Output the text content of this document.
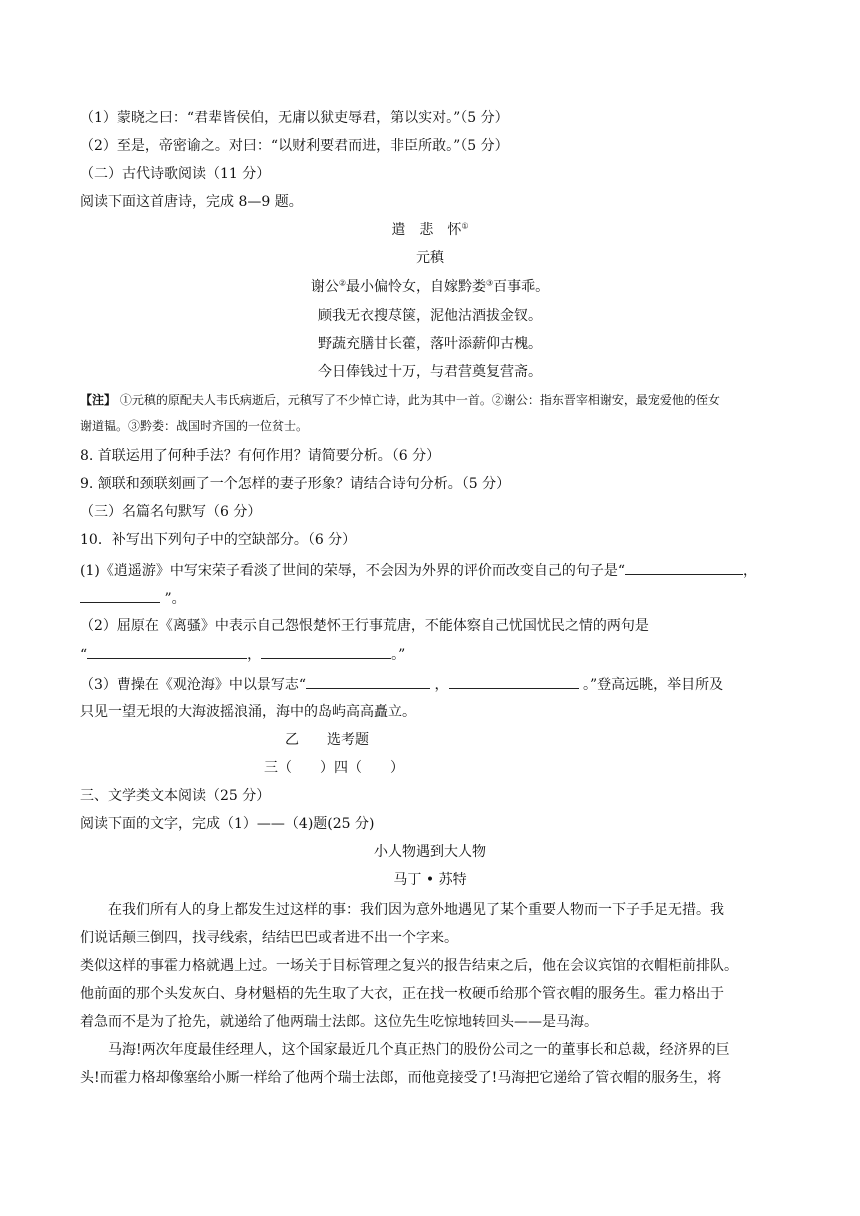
（1）蒙晓之曰：“君辈皆侯伯，无庸以狱吏辱君，第以实对。”（5 分）
（2）至是，帝密谕之。对曰：“以财利要君而进，非臣所敢。”（5 分）
（二）古代诗歌阅读（11 分）
阅读下面这首唐诗，完成 8—9 题。
遣　悲　怀①
元稹
谢公②最小偏怜女，自嫁黔娄③百事乖。
顾我无衣搜荩箧，泥他沽酒拔金钗。
野蔬充膳甘长藿，落叶添薪仰古槐。
今日俸钱过十万，与君营奠复营斋。
【注】 ①元稹的原配夫人韦氏病逝后，元稹写了不少悼亡诗，此为其中一首。②谢公：指东晋宰相谢安，最宠爱他的侄女
谢道韫。③黔娄：战国时齐国的一位贫士。
8. 首联运用了何种手法？有何作用？请简要分析。（6 分）
9. 颔联和颈联刻画了一个怎样的妻子形象？请结合诗句分析。（5 分）
（三）名篇名句默写（6 分）
10．补写出下列句子中的空缺部分。（6 分）
(1)《逍遥游》中写宋荣子看淡了世间的荣辱，不会因为外界的评价而改变自己的句子是“	，
”。
（2）屈原在《离骚》中表示自己怨恨楚怀王行事荒唐，不能体察自己忧国忧民之情的两句是
“	，	。”
（3）曹操在《观沧海》中以景写志“	，	。”登高远眺，举目所及
只见一望无垠的大海波摇浪涌，海中的岛屿高高矗立。
乙　　选考题
三（　　）四（　　）
三、文学类文本阅读（25 分）
阅读下面的文字，完成（1）——（4)题(25 分)
小人物遇到大人物
马丁 • 苏特
在我们所有人的身上都发生过这样的事：我们因为意外地遇见了某个重要人物而一下子手足无措。我
们说话颠三倒四，找寻线索，结结巴巴或者进不出一个字来。
类似这样的事霍力格就遇上过。一场关于目标管理之复兴的报告结束之后，他在会议宾馆的衣帽柜前排队。
他前面的那个头发灰白、身材魁梧的先生取了大衣，正在找一枚硬币给那个管衣帽的服务生。霍力格出于
着急而不是为了抢先，就递给了他两瑞士法郎。这位先生吃惊地转回头——是马海。
马海!两次年度最佳经理人，这个国家最近几个真正热门的股份公司之一的董事长和总裁，经济界的巨
头!而霍力格却像塞给小厮一样给了他两个瑞士法郎，而他竟接受了!马海把它递给了管衣帽的服务生，将
